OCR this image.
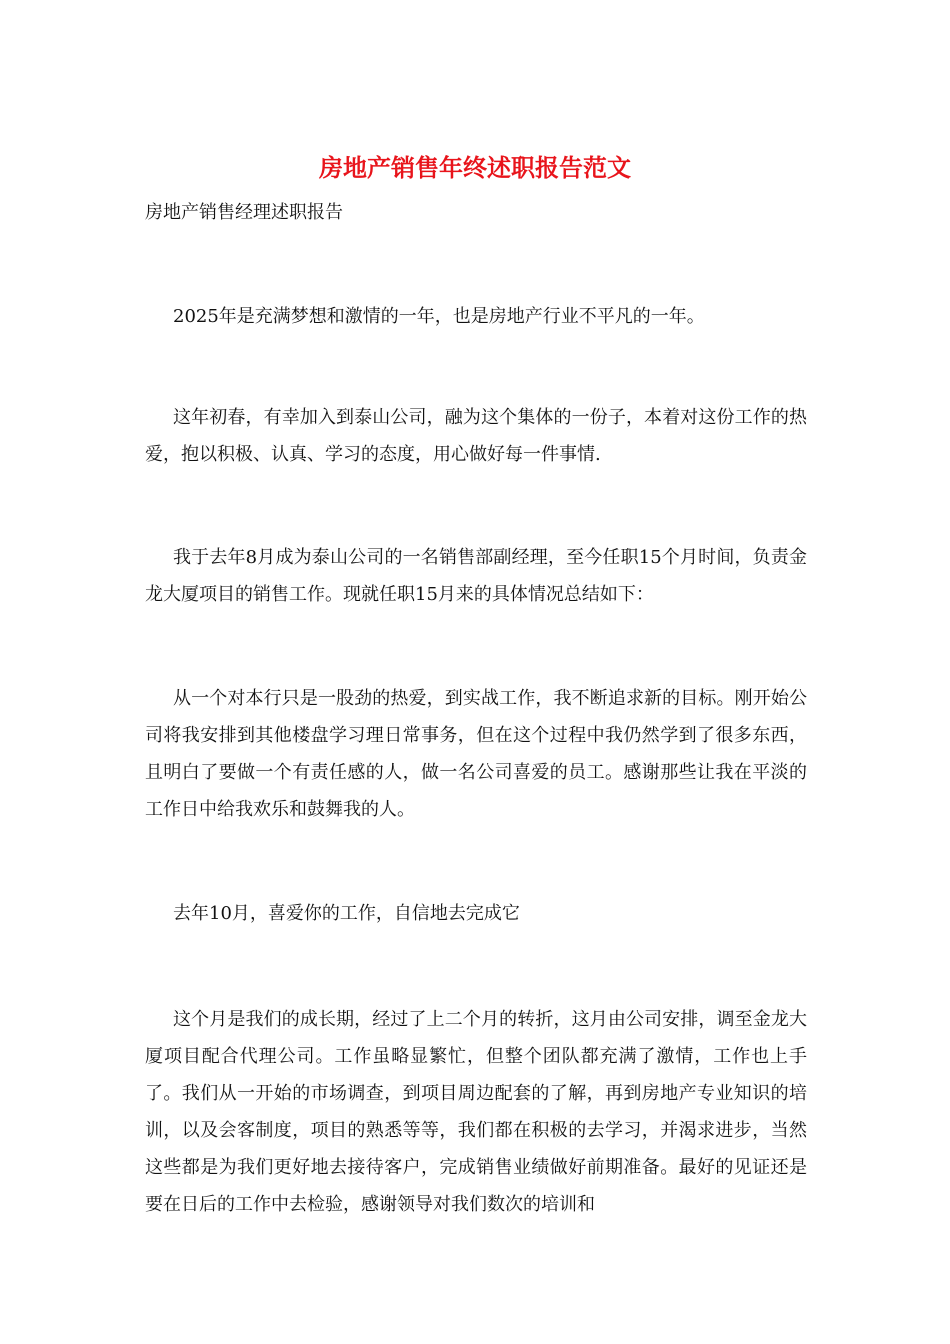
房地产销售年终述职报告范文

房地产销售经理述职报告

2025年是充满梦想和激情的一年，也是房地产行业不平凡的一年。

这年初春，有幸加入到泰山公司，融为这个集体的一份子，本着对这份工作的热爱，抱以积极、认真、学习的态度，用心做好每一件事情.

我于去年8月成为泰山公司的一名销售部副经理，至今任职15个月时间，负责金龙大厦项目的销售工作。现就任职15月来的具体情况总结如下：

从一个对本行只是一股劲的热爱，到实战工作，我不断追求新的目标。刚开始公司将我安排到其他楼盘学习理日常事务，但在这个过程中我仍然学到了很多东西，且明白了要做一个有责任感的人，做一名公司喜爱的员工。感谢那些让我在平淡的工作日中给我欢乐和鼓舞我的人。

去年10月，喜爱你的工作，自信地去完成它

这个月是我们的成长期，经过了上二个月的转折，这月由公司安排，调至金龙大厦项目配合代理公司。工作虽略显繁忙，但整个团队都充满了激情，工作也上手了。我们从一开始的市场调查，到项目周边配套的了解，再到房地产专业知识的培训，以及会客制度，项目的熟悉等等，我们都在积极的去学习，并渴求进步，当然这些都是为我们更好地去接待客户，完成销售业绩做好前期准备。最好的见证还是要在日后的工作中去检验，感谢领导对我们数次的培训和
